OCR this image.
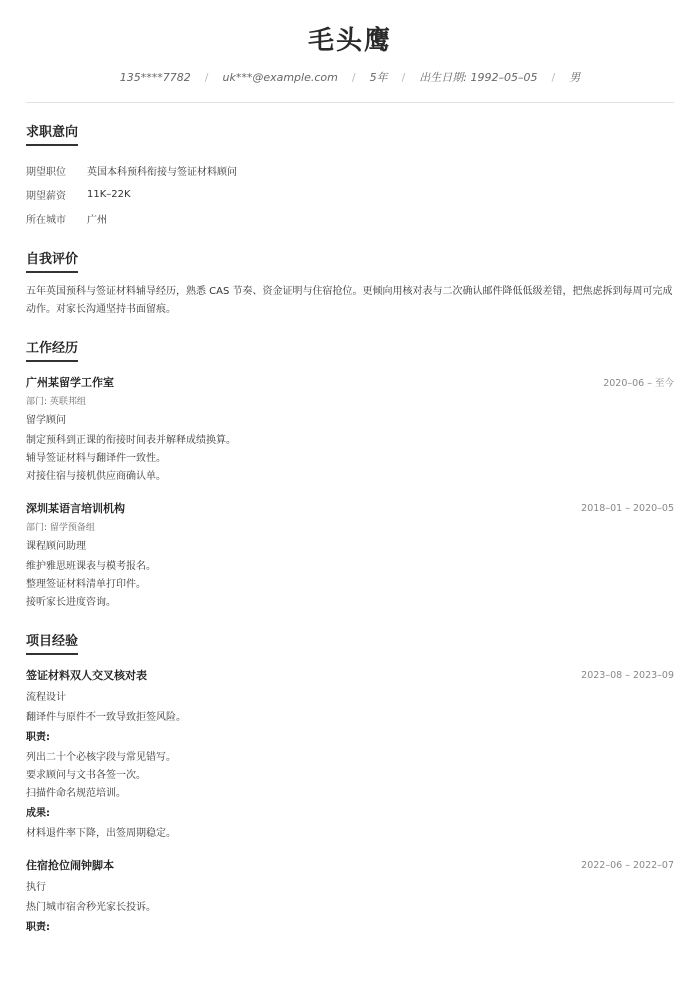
毛头鹰
135****7782 / uk***@example.com / 5年 / 出生日期: 1992–05–05 / 男
求职意向
期望职位	英国本科预科衔接与签证材料顾问
期望薪资	11K–22K
所在城市	广州
自我评价
五年英国预科与签证材料辅导经历，熟悉 CAS 节奏、资金证明与住宿抢位。更倾向用核对表与二次确认邮件降低低级差错，把焦虑拆到每周可完成动作。对家长沟通坚持书面留痕。
工作经历
广州某留学工作室	2020–06 – 至今
部门: 英联邦组
留学顾问
制定预科到正课的衔接时间表并解释成绩换算。
辅导签证材料与翻译件一致性。
对接住宿与接机供应商确认单。
深圳某语言培训机构	2018–01 – 2020–05
部门: 留学预备组
课程顾问助理
维护雅思班课表与模考报名。
整理签证材料清单打印件。
接听家长进度咨询。
项目经验
签证材料双人交叉核对表	2023–08 – 2023–09
流程设计
翻译件与原件不一致导致拒签风险。
职责:
列出二十个必核字段与常见错写。
要求顾问与文书各签一次。
扫描件命名规范培训。
成果:
材料退件率下降，出签周期稳定。
住宿抢位闹钟脚本	2022–06 – 2022–07
执行
热门城市宿舍秒光家长投诉。
职责:
